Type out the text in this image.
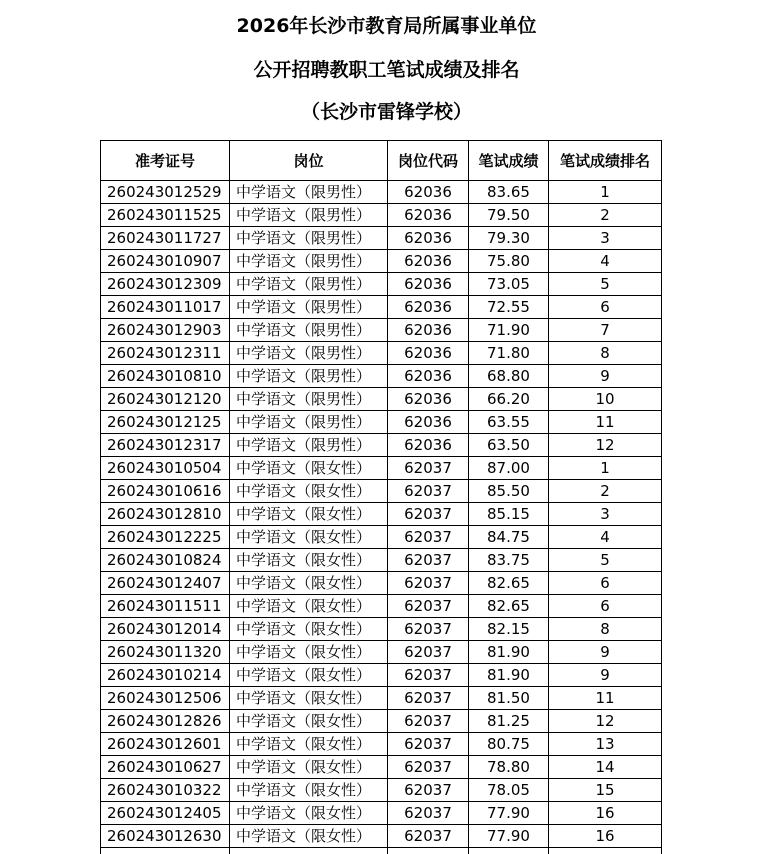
2026年长沙市教育局所属事业单位
公开招聘教职工笔试成绩及排名
（长沙市雷锋学校）
准考证号	岗位	岗位代码	笔试成绩	笔试成绩排名
260243012529	中学语文（限男性）	62036	83.65	1
260243011525	中学语文（限男性）	62036	79.50	2
260243011727	中学语文（限男性）	62036	79.30	3
260243010907	中学语文（限男性）	62036	75.80	4
260243012309	中学语文（限男性）	62036	73.05	5
260243011017	中学语文（限男性）	62036	72.55	6
260243012903	中学语文（限男性）	62036	71.90	7
260243012311	中学语文（限男性）	62036	71.80	8
260243010810	中学语文（限男性）	62036	68.80	9
260243012120	中学语文（限男性）	62036	66.20	10
260243012125	中学语文（限男性）	62036	63.55	11
260243012317	中学语文（限男性）	62036	63.50	12
260243010504	中学语文（限女性）	62037	87.00	1
260243010616	中学语文（限女性）	62037	85.50	2
260243012810	中学语文（限女性）	62037	85.15	3
260243012225	中学语文（限女性）	62037	84.75	4
260243010824	中学语文（限女性）	62037	83.75	5
260243012407	中学语文（限女性）	62037	82.65	6
260243011511	中学语文（限女性）	62037	82.65	6
260243012014	中学语文（限女性）	62037	82.15	8
260243011320	中学语文（限女性）	62037	81.90	9
260243010214	中学语文（限女性）	62037	81.90	9
260243012506	中学语文（限女性）	62037	81.50	11
260243012826	中学语文（限女性）	62037	81.25	12
260243012601	中学语文（限女性）	62037	80.75	13
260243010627	中学语文（限女性）	62037	78.80	14
260243010322	中学语文（限女性）	62037	78.05	15
260243012405	中学语文（限女性）	62037	77.90	16
260243012630	中学语文（限女性）	62037	77.90	16
